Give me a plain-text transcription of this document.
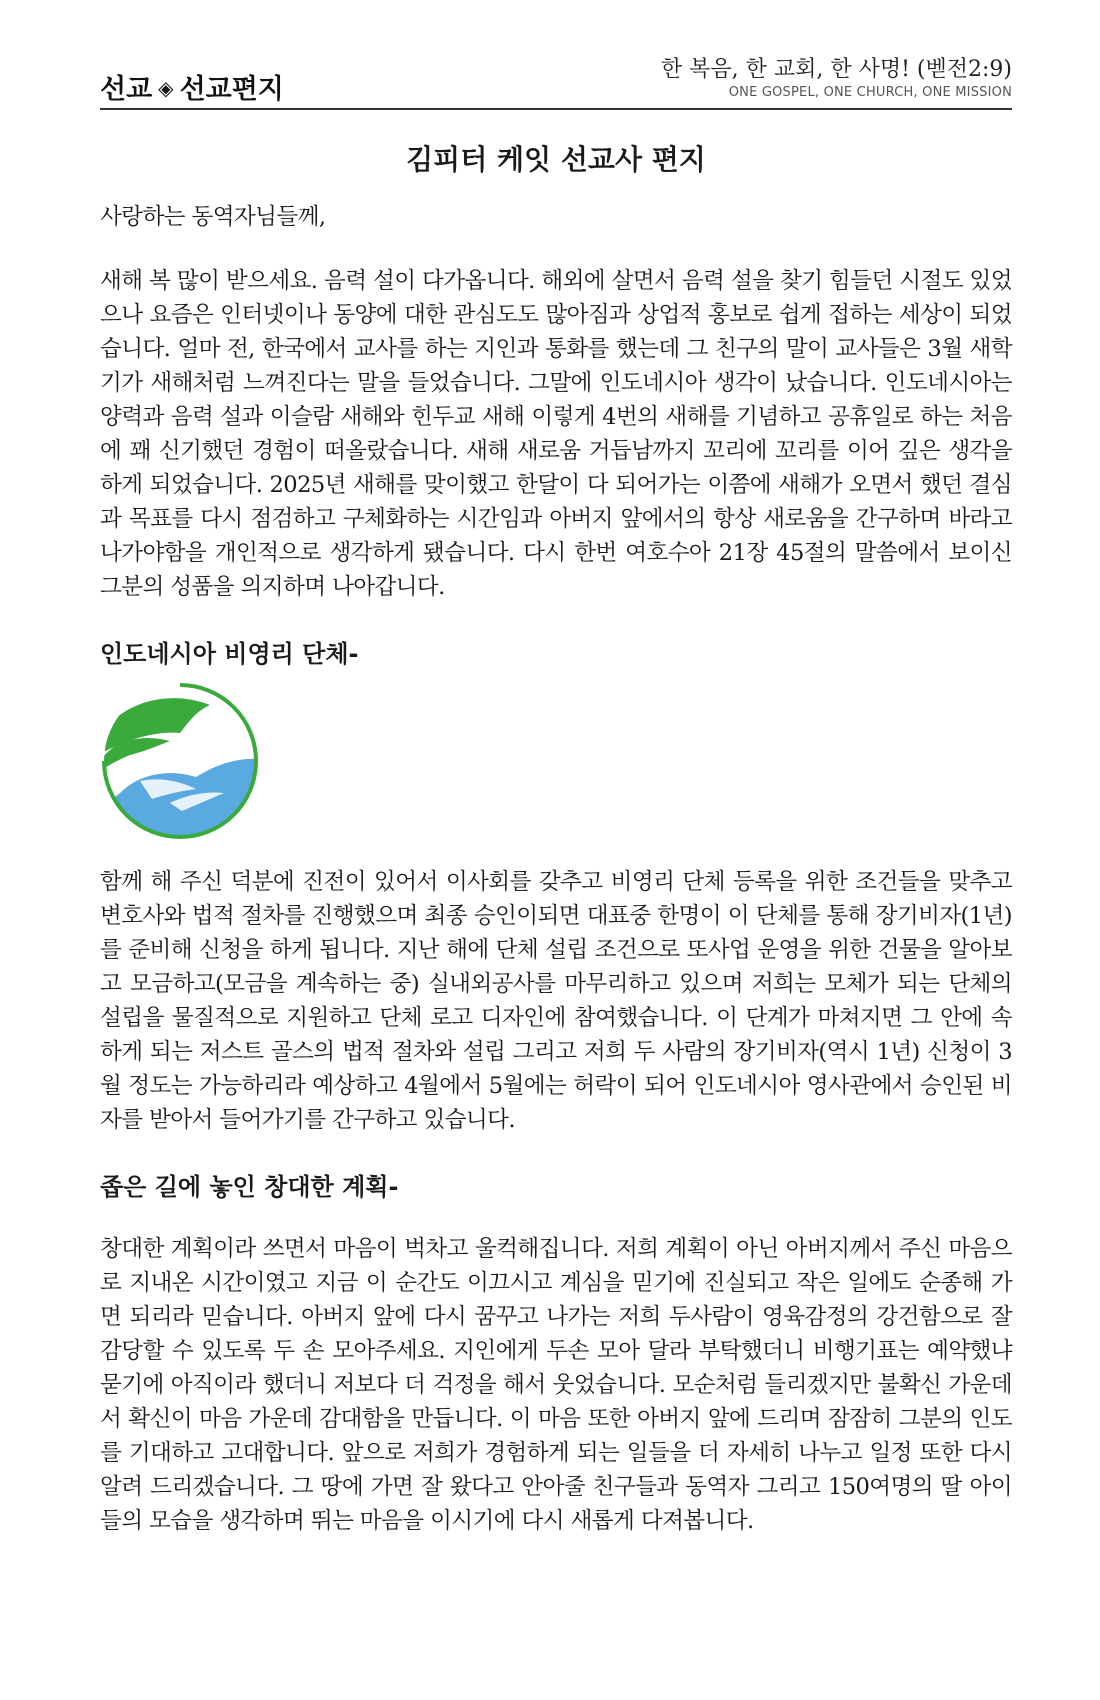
선교 ◈ 선교편지
한 복음, 한 교회, 한 사명! (벧전2:9)
ONE GOSPEL, ONE CHURCH, ONE MISSION
김피터 케잇 선교사 편지

사랑하는 동역자님들께,

새해 복 많이 받으세요. 음력 설이 다가옵니다. 해외에 살면서 음력 설을 찾기 힘들던 시절도 있었으나 요즘은 인터넷이나 동양에 대한 관심도도 많아짐과 상업적 홍보로 쉽게 접하는 세상이 되었습니다. 얼마 전, 한국에서 교사를 하는 지인과 통화를 했는데 그 친구의 말이 교사들은 3월 새학기가 새해처럼 느껴진다는 말을 들었습니다. 그말에 인도네시아 생각이 났습니다. 인도네시아는 양력과 음력 설과 이슬람 새해와 힌두교 새해 이렇게 4번의 새해를 기념하고 공휴일로 하는 처음에 꽤 신기했던 경험이 떠올랐습니다. 새해 새로움 거듭남까지 꼬리에 꼬리를 이어 깊은 생각을 하게 되었습니다. 2025년 새해를 맞이했고 한달이 다 되어가는 이쯤에 새해가 오면서 했던 결심과 목표를 다시 점검하고 구체화하는 시간임과 아버지 앞에서의 항상 새로움을 간구하며 바라고 나가야함을 개인적으로 생각하게 됐습니다. 다시 한번 여호수아 21장 45절의 말씀에서 보이신 그분의 성품을 의지하며 나아갑니다.

인도네시아 비영리 단체-

함께 해 주신 덕분에 진전이 있어서 이사회를 갖추고 비영리 단체 등록을 위한 조건들을 맞추고 변호사와 법적 절차를 진행했으며 최종 승인이되면 대표중 한명이 이 단체를 통해 장기비자(1년)를 준비해 신청을 하게 됩니다. 지난 해에 단체 설립 조건으로 또사업 운영을 위한 건물을 알아보고 모금하고(모금을 계속하는 중) 실내외공사를 마무리하고 있으며 저희는 모체가 되는 단체의 설립을 물질적으로 지원하고 단체 로고 디자인에 참여했습니다. 이 단계가 마쳐지면 그 안에 속하게 되는 저스트 골스의 법적 절차와 설립 그리고 저희 두 사람의 장기비자(역시 1년) 신청이 3월 정도는 가능하리라 예상하고 4월에서 5월에는 허락이 되어 인도네시아 영사관에서 승인된 비자를 받아서 들어가기를 간구하고 있습니다.

좁은 길에 놓인 창대한 계획-

창대한 계획이라 쓰면서 마음이 벅차고 울컥해집니다. 저희 계획이 아닌 아버지께서 주신 마음으로 지내온 시간이였고 지금 이 순간도 이끄시고 계심을 믿기에 진실되고 작은 일에도 순종해 가면 되리라 믿습니다. 아버지 앞에 다시 꿈꾸고 나가는 저희 두사람이 영육감정의 강건함으로 잘 감당할 수 있도록 두 손 모아주세요. 지인에게 두손 모아 달라 부탁했더니 비행기표는 예약했냐 묻기에 아직이라 했더니 저보다 더 걱정을 해서 웃었습니다. 모순처럼 들리겠지만 불확신 가운데서 확신이 마음 가운데 감대함을 만듭니다. 이 마음 또한 아버지 앞에 드리며 잠잠히 그분의 인도를 기대하고 고대합니다. 앞으로 저희가 경험하게 되는 일들을 더 자세히 나누고 일정 또한 다시 알려 드리겠습니다. 그 땅에 가면 잘 왔다고 안아줄 친구들과 동역자 그리고 150여명의 딸 아이들의 모습을 생각하며 뛰는 마음을 이시기에 다시 새롭게 다져봅니다.
